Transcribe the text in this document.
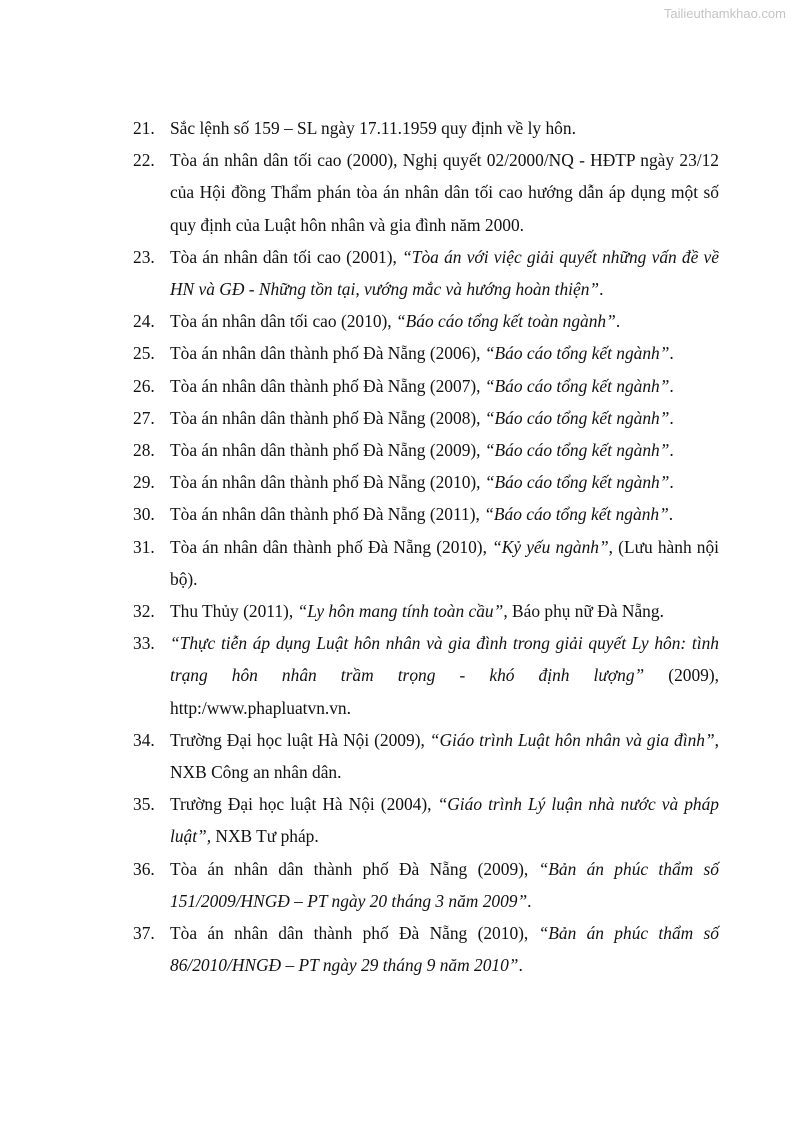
Tailieuthamkhao.com
21. Sắc lệnh số 159 – SL ngày 17.11.1959 quy định về ly hôn.
22. Tòa án nhân dân tối cao (2000), Nghị quyết 02/2000/NQ - HĐTP ngày 23/12 của Hội đồng Thẩm phán tòa án nhân dân tối cao hướng dẫn áp dụng một số quy định của Luật hôn nhân và gia đình năm 2000.
23. Tòa án nhân dân tối cao (2001), “Tòa án với việc giải quyết những vấn đề về HN và GĐ - Những tồn tại, vướng mắc và hướng hoàn thiện”.
24. Tòa án nhân dân tối cao (2010), “Báo cáo tổng kết toàn ngành”.
25. Tòa án nhân dân thành phố Đà Nẵng (2006), “Báo cáo tổng kết ngành”.
26. Tòa án nhân dân thành phố Đà Nẵng (2007), “Báo cáo tổng kết ngành”.
27. Tòa án nhân dân thành phố Đà Nẵng (2008), “Báo cáo tổng kết ngành”.
28. Tòa án nhân dân thành phố Đà Nẵng (2009), “Báo cáo tổng kết ngành”.
29. Tòa án nhân dân thành phố Đà Nẵng (2010), “Báo cáo tổng kết ngành”.
30. Tòa án nhân dân thành phố Đà Nẵng (2011), “Báo cáo tổng kết ngành”.
31. Tòa án nhân dân thành phố Đà Nẵng (2010), “Kỷ yếu ngành”, (Lưu hành nội bộ).
32. Thu Thủy (2011), “Ly hôn mang tính toàn cầu”, Báo phụ nữ Đà Nẵng.
33. “Thực tiễn áp dụng Luật hôn nhân và gia đình trong giải quyết Ly hôn: tình trạng hôn nhân trầm trọng - khó định lượng” (2009), http:/www.phapluatvn.vn.
34. Trường Đại học luật Hà Nội (2009), “Giáo trình Luật hôn nhân và gia đình”, NXB Công an nhân dân.
35. Trường Đại học luật Hà Nội (2004), “Giáo trình Lý luận nhà nước và pháp luật”, NXB Tư pháp.
36. Tòa án nhân dân thành phố Đà Nẵng (2009), “Bản án phúc thẩm số 151/2009/HNGĐ – PT ngày 20 tháng 3 năm 2009”.
37. Tòa án nhân dân thành phố Đà Nẵng (2010), “Bản án phúc thẩm số 86/2010/HNGĐ – PT ngày 29 tháng 9 năm 2010”.
